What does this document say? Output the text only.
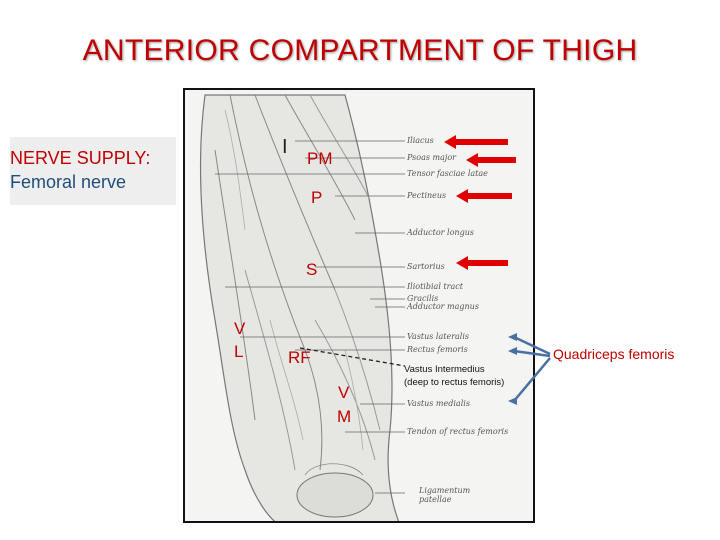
ANTERIOR COMPARTMENT OF THIGH
NERVE SUPPLY:
Femoral nerve
Iliacus
Psoas major
Tensor fasciae latae
Pectineus
Adductor longus
Sartorius
Iliotibial tract
Gracilis
Adductor magnus
Vastus lateralis
Rectus femoris
Vastus medialis
Tendon of rectus femoris
Ligamentum
patellae
I
PM
P
S
V
L	RF
V
M
Vastus Intermedius
(deep to rectus femoris)
Quadriceps femoris
